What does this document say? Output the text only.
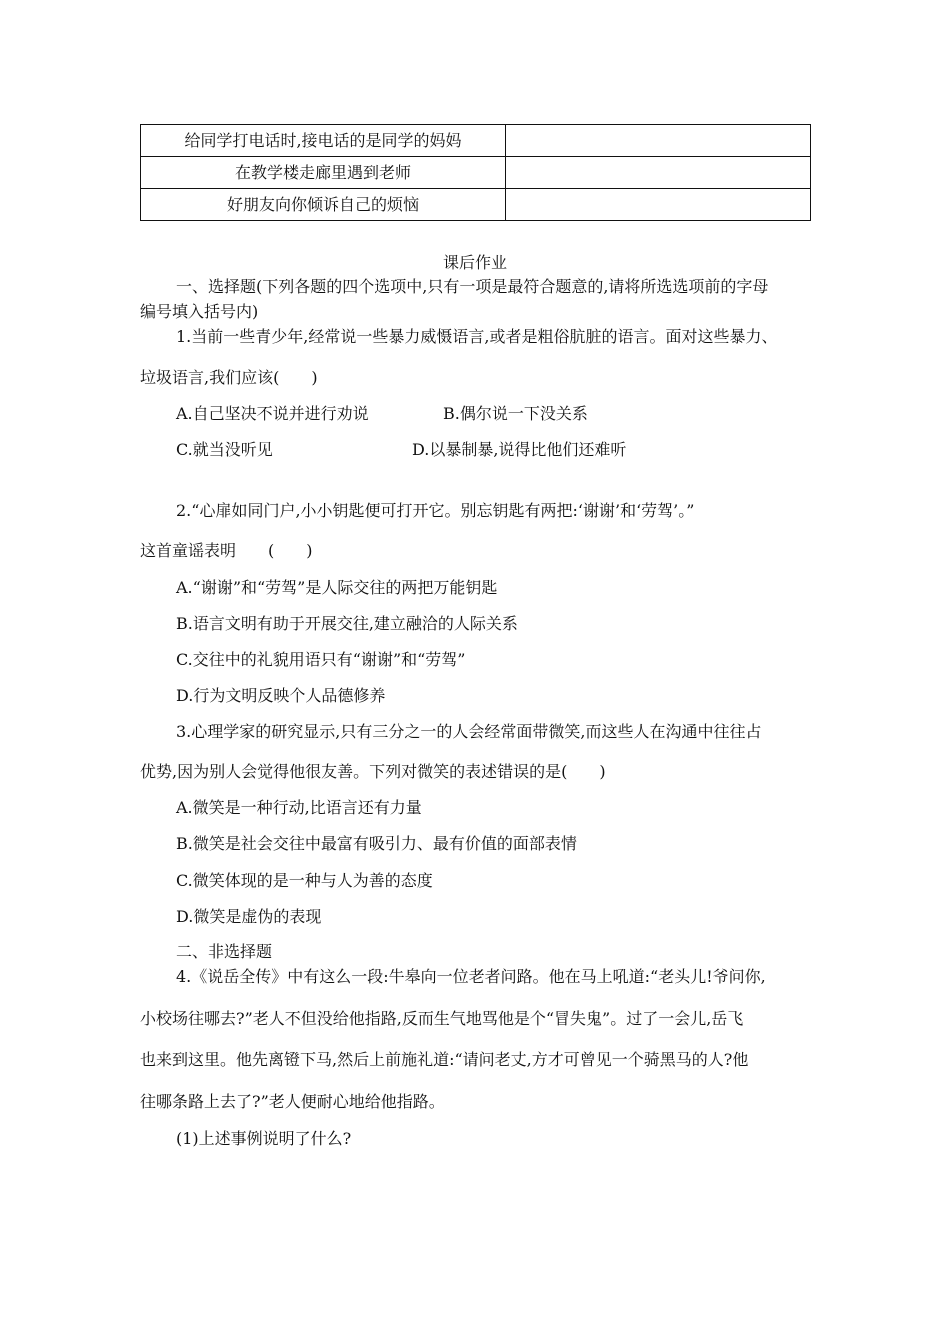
给同学打电话时,接电话的是同学的妈妈	
在教学楼走廊里遇到老师	
好朋友向你倾诉自己的烦恼	
课后作业
一、选择题(下列各题的四个选项中,只有一项是最符合题意的,请将所选选项前的字母
编号填入括号内)
1.当前一些青少年,经常说一些暴力威慑语言,或者是粗俗肮脏的语言。面对这些暴力、
垃圾语言,我们应该(　　)
A.自己坚决不说并进行劝说	B.偶尔说一下没关系
C.就当没听见	D.以暴制暴,说得比他们还难听
2.“心扉如同门户,小小钥匙便可打开它。别忘钥匙有两把:‘谢谢’和‘劳驾’。”
这首童谣表明　　(　　)
A.“谢谢”和“劳驾”是人际交往的两把万能钥匙
B.语言文明有助于开展交往,建立融洽的人际关系
C.交往中的礼貌用语只有“谢谢”和“劳驾”
D.行为文明反映个人品德修养
3.心理学家的研究显示,只有三分之一的人会经常面带微笑,而这些人在沟通中往往占
优势,因为别人会觉得他很友善。下列对微笑的表述错误的是(　　)
A.微笑是一种行动,比语言还有力量
B.微笑是社会交往中最富有吸引力、最有价值的面部表情
C.微笑体现的是一种与人为善的态度
D.微笑是虚伪的表现
二、非选择题
4.《说岳全传》中有这么一段:牛皋向一位老者问路。他在马上吼道:“老头儿!爷问你,
小校场往哪去?”老人不但没给他指路,反而生气地骂他是个“冒失鬼”。过了一会儿,岳飞
也来到这里。他先离镫下马,然后上前施礼道:“请问老丈,方才可曾见一个骑黑马的人?他
往哪条路上去了?”老人便耐心地给他指路。
(1)上述事例说明了什么?
